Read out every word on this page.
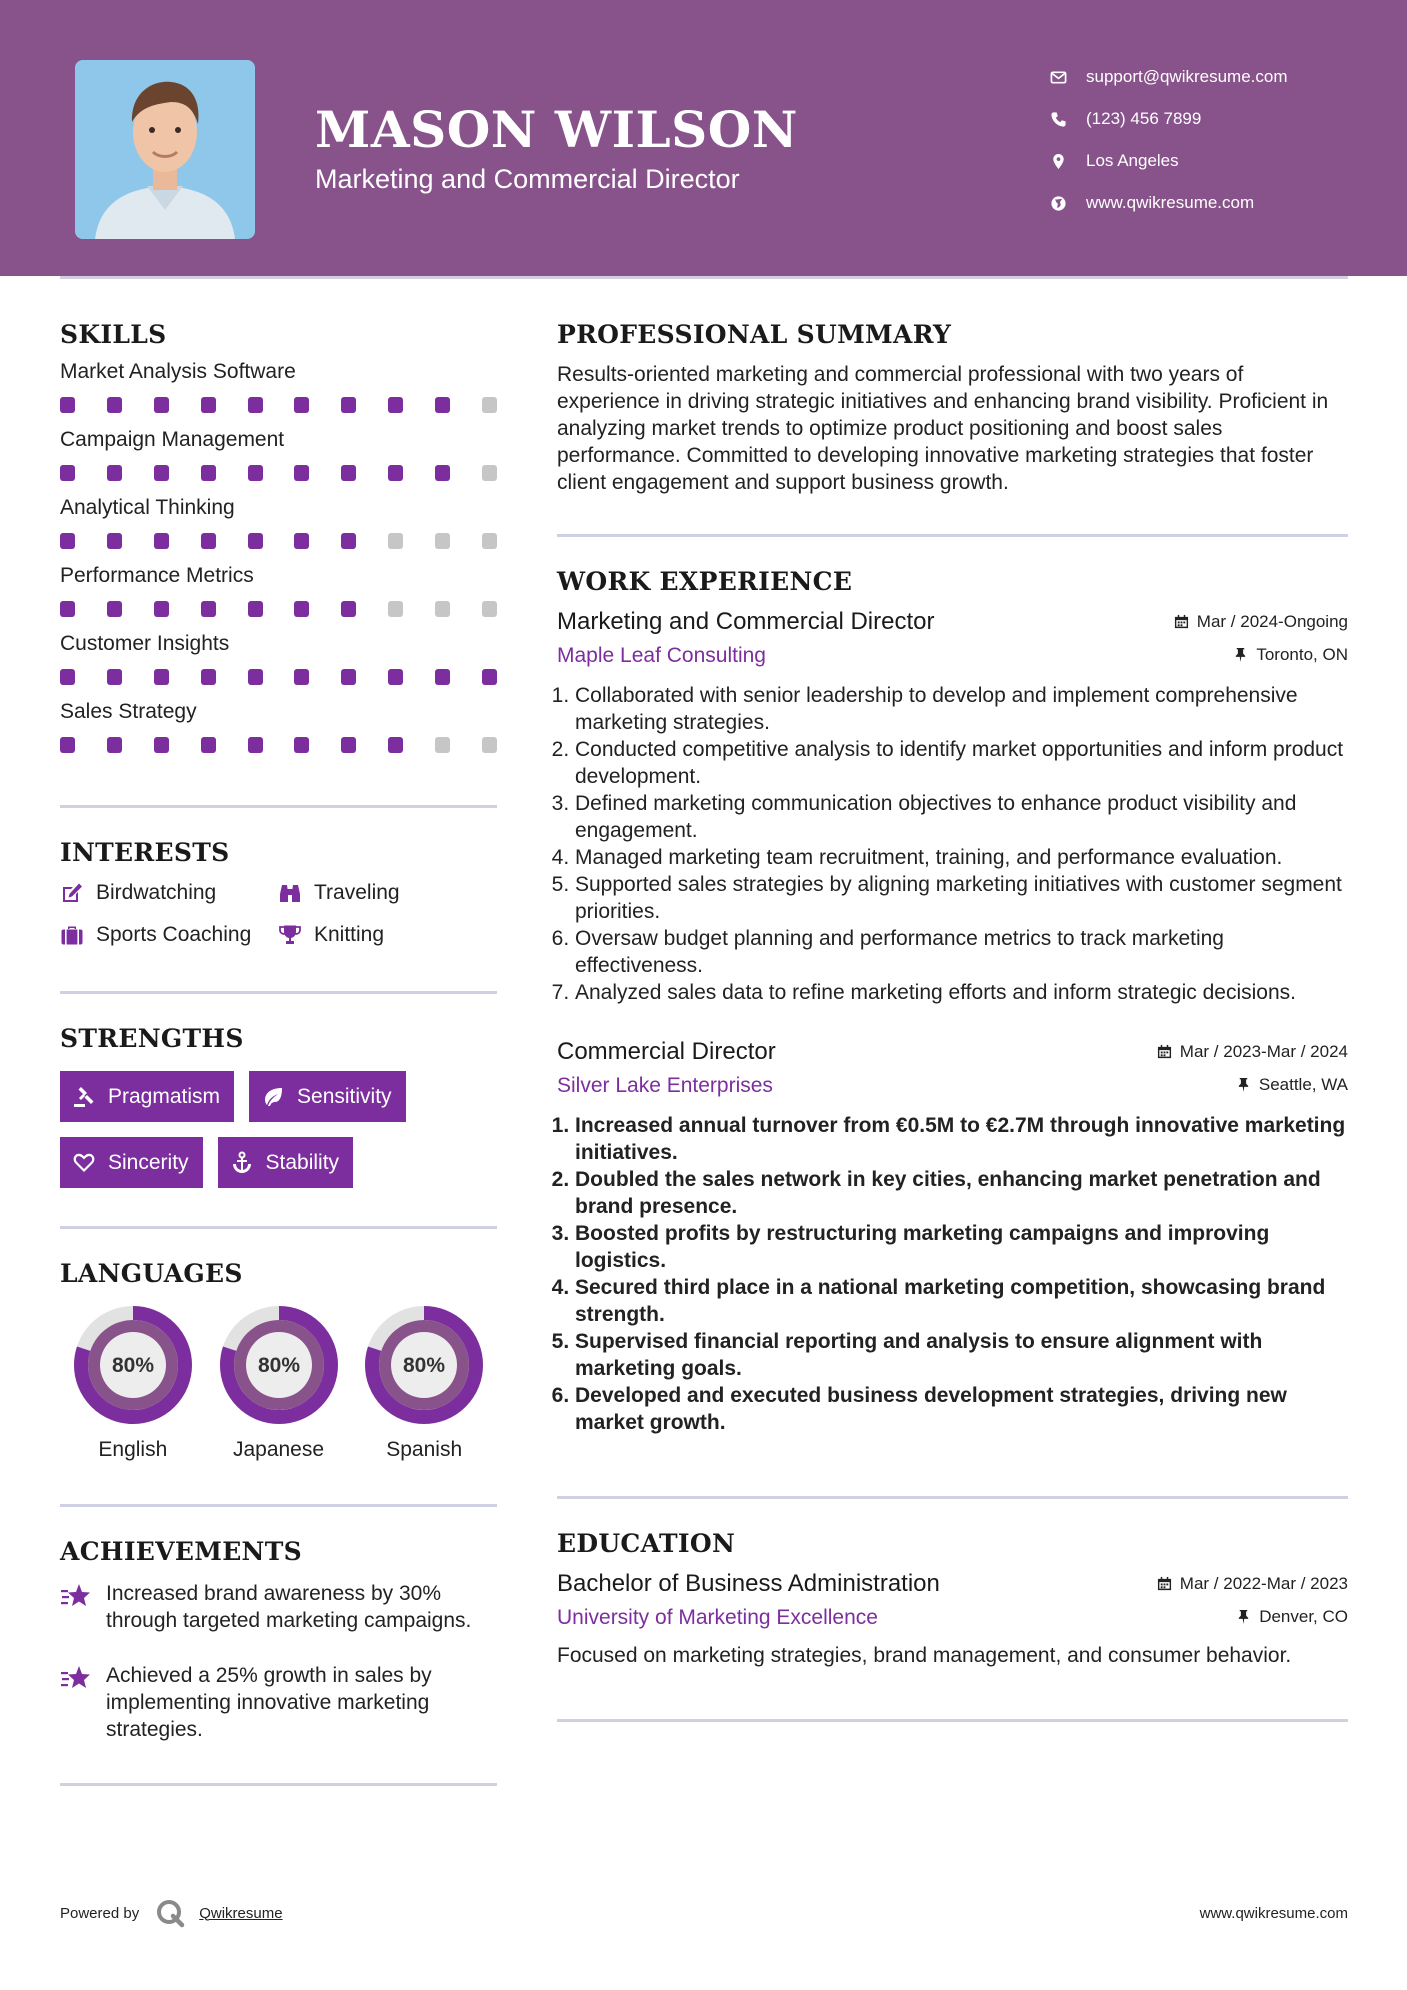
MASON WILSON
Marketing and Commercial Director
support@qwikresume.com
(123) 456 7899
Los Angeles
www.qwikresume.com
SKILLS
Market Analysis Software
Campaign Management
Analytical Thinking
Performance Metrics
Customer Insights
Sales Strategy
INTERESTS
Birdwatching	Traveling
Sports Coaching	Knitting
STRENGTHS
Pragmatism	Sensitivity
Sincerity	Stability
LANGUAGES
80%
English
80%
Japanese
80%
Spanish
ACHIEVEMENTS
Increased brand awareness by 30% through targeted marketing campaigns.
Achieved a 25% growth in sales by implementing innovative marketing strategies.
PROFESSIONAL SUMMARY
Results-oriented marketing and commercial professional with two years of experience in driving strategic initiatives and enhancing brand visibility. Proficient in analyzing market trends to optimize product positioning and boost sales performance. Committed to developing innovative marketing strategies that foster client engagement and support business growth.
WORK EXPERIENCE
Marketing and Commercial Director	Mar / 2024-Ongoing
Maple Leaf Consulting	Toronto, ON
1. Collaborated with senior leadership to develop and implement comprehensive marketing strategies.
2. Conducted competitive analysis to identify market opportunities and inform product development.
3. Defined marketing communication objectives to enhance product visibility and engagement.
4. Managed marketing team recruitment, training, and performance evaluation.
5. Supported sales strategies by aligning marketing initiatives with customer segment priorities.
6. Oversaw budget planning and performance metrics to track marketing effectiveness.
7. Analyzed sales data to refine marketing efforts and inform strategic decisions.
Commercial Director	Mar / 2023-Mar / 2024
Silver Lake Enterprises	Seattle, WA
1. Increased annual turnover from €0.5M to €2.7M through innovative marketing initiatives.
2. Doubled the sales network in key cities, enhancing market penetration and brand presence.
3. Boosted profits by restructuring marketing campaigns and improving logistics.
4. Secured third place in a national marketing competition, showcasing brand strength.
5. Supervised financial reporting and analysis to ensure alignment with marketing goals.
6. Developed and executed business development strategies, driving new market growth.
EDUCATION
Bachelor of Business Administration	Mar / 2022-Mar / 2023
University of Marketing Excellence	Denver, CO
Focused on marketing strategies, brand management, and consumer behavior.
Powered by	Qwikresume	www.qwikresume.com
